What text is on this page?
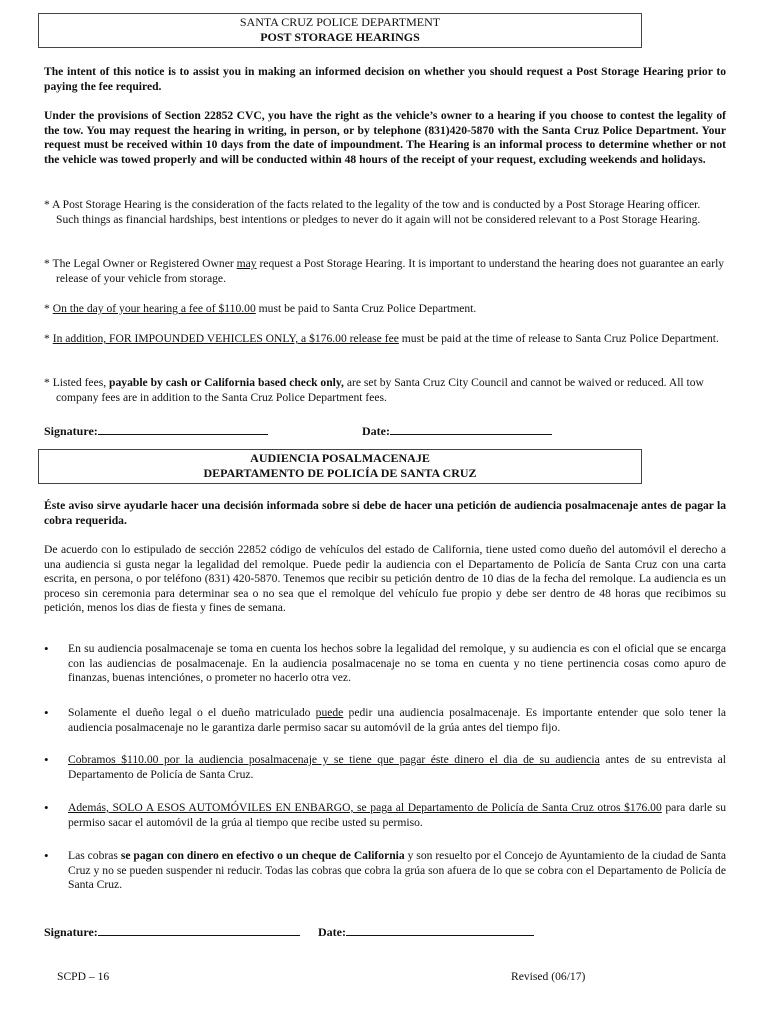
SANTA CRUZ POLICE DEPARTMENT
POST STORAGE HEARINGS

The intent of this notice is to assist you in making an informed decision on whether you should request a Post Storage Hearing prior to paying the fee required.

Under the provisions of Section 22852 CVC, you have the right as the vehicle’s owner to a hearing if you choose to contest the legality of the tow. You may request the hearing in writing, in person, or by telephone (831)420-5870 with the Santa Cruz Police Department. Your request must be received within 10 days from the date of impoundment. The Hearing is an informal process to determine whether or not the vehicle was towed properly and will be conducted within 48 hours of the receipt of your request, excluding weekends and holidays.

* A Post Storage Hearing is the consideration of the facts related to the legality of the tow and is conducted by a Post Storage Hearing officer. Such things as financial hardships, best intentions or pledges to never do it again will not be considered relevant to a Post Storage Hearing.

* The Legal Owner or Registered Owner may request a Post Storage Hearing. It is important to understand the hearing does not guarantee an early release of your vehicle from storage.

* On the day of your hearing a fee of $110.00 must be paid to Santa Cruz Police Department.

* In addition, FOR IMPOUNDED VEHICLES ONLY, a $176.00 release fee must be paid at the time of release to Santa Cruz Police Department.

* Listed fees, payable by cash or California based check only, are set by Santa Cruz City Council and cannot be waived or reduced. All tow company fees are in addition to the Santa Cruz Police Department fees.

Signature:	Date:
AUDIENCIA POSALMACENAJE
DEPARTAMENTO DE POLICÍA DE SANTA CRUZ

Éste aviso sirve ayudarle hacer una decisión informada sobre si debe de hacer una petición de audiencia posalmacenaje antes de pagar la cobra requerida.

De acuerdo con lo estipulado de sección 22852 código de vehículos del estado de California, tiene usted como dueño del automóvil el derecho a una audiencia si gusta negar la legalidad del remolque. Puede pedir la audiencia con el Departamento de Policía de Santa Cruz con una carta escrita, en persona, o por teléfono (831) 420-5870. Tenemos que recibir su petición dentro de 10 dias de la fecha del remolque. La audiencia es un proceso sin ceremonia para determinar sea o no sea que el remolque del vehículo fue propio y debe ser dentro de 48 horas que recibimos su petición, menos los dias de fiesta y fines de semana.

• En su audiencia posalmacenaje se toma en cuenta los hechos sobre la legalidad del remolque, y su audiencia es con el oficial que se encarga con las audiencias de posalmacenaje. En la audiencia posalmacenaje no se toma en cuenta y no tiene pertinencia cosas como apuro de finanzas, buenas intenciónes, o prometer no hacerlo otra vez.

• Solamente el dueño legal o el dueño matriculado puede pedir una audiencia posalmacenaje. Es importante entender que solo tener la audiencia posalmacenaje no le garantiza darle permiso sacar su automóvil de la grúa antes del tiempo fijo.

• Cobramos $110.00 por la audiencia posalmacenaje y se tiene que pagar éste dinero el dia de su audiencia antes de su entrevista al Departamento de Policía de Santa Cruz.

• Además, SOLO A ESOS AUTOMÓVILES EN ENBARGO, se paga al Departamento de Policía de Santa Cruz otros $176.00 para darle su permiso sacar el automóvil de la grúa al tiempo que recibe usted su permiso.

• Las cobras se pagan con dinero en efectivo o un cheque de California y son resuelto por el Concejo de Ayuntamiento de la ciudad de Santa Cruz y no se pueden suspender ni reducir. Todas las cobras que cobra la grúa son afuera de lo que se cobra con el Departamento de Policía de Santa Cruz.

Signature:	Date:
SCPD – 16	Revised (06/17)
